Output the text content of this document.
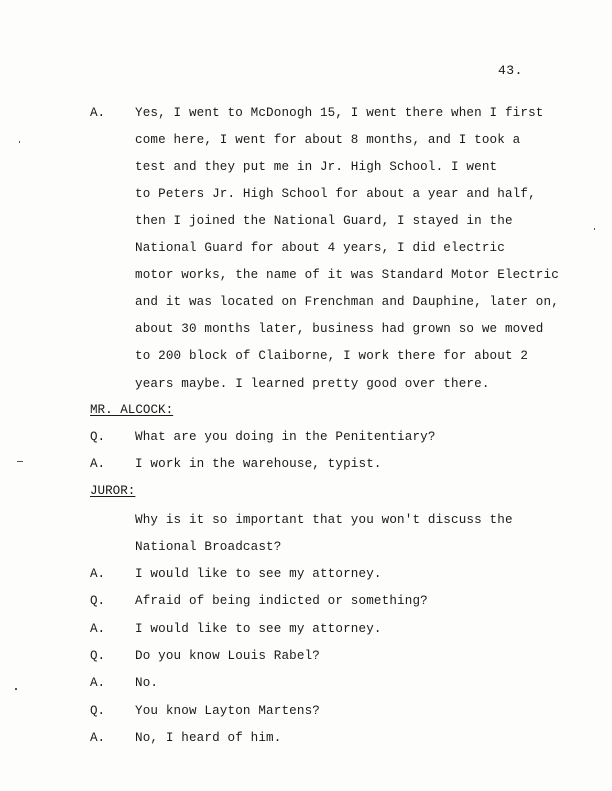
43.
A. Yes, I went to McDonogh 15, I went there when I first
come here, I went for about 8 months, and I took a
test and they put me in Jr. High School. I went
to Peters Jr. High School for about a year and half,
then I joined the National Guard, I stayed in the
National Guard for about 4 years, I did electric
motor works, the name of it was Standard Motor Electric
and it was located on Frenchman and Dauphine, later on,
about 30 months later, business had grown so we moved
to 200 block of Claiborne, I work there for about 2
years maybe. I learned pretty good over there.
MR. ALCOCK:
Q. What are you doing in the Penitentiary?
A. I work in the warehouse, typist.
JUROR:
Why is it so important that you won't discuss the
National Broadcast?
A. I would like to see my attorney.
Q. Afraid of being indicted or something?
A. I would like to see my attorney.
Q. Do you know Louis Rabel?
A. No.
Q. You know Layton Martens?
A. No, I heard of him.
